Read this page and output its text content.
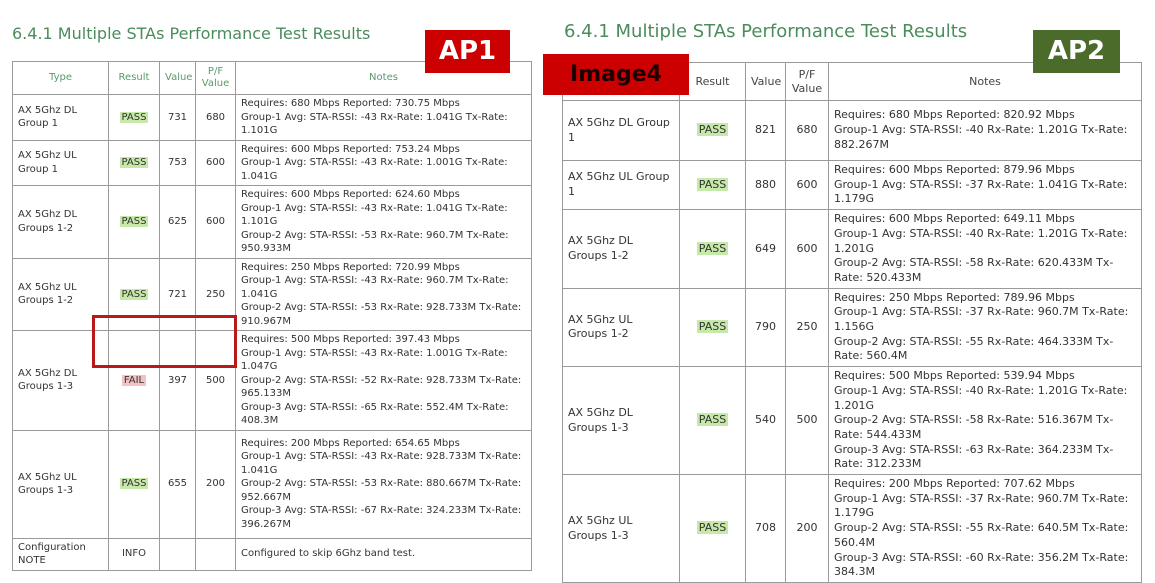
6.4.1 Multiple STAs Performance Test Results
Type	Result	Value	P/F Value	Notes
AX 5Ghz DL Group 1	PASS	731	680	Requires: 680 Mbps Reported: 730.75 Mbps
Group-1 Avg: STA-RSSI: -43 Rx-Rate: 1.041G Tx-Rate: 1.101G

AX 5Ghz UL Group 1	PASS	753	600	Requires: 600 Mbps Reported: 753.24 Mbps
Group-1 Avg: STA-RSSI: -43 Rx-Rate: 1.001G Tx-Rate: 1.041G

AX 5Ghz DL Groups 1-2	PASS	625	600	Requires: 600 Mbps Reported: 624.60 Mbps
Group-1 Avg: STA-RSSI: -43 Rx-Rate: 1.041G Tx-Rate: 1.101G
Group-2 Avg: STA-RSSI: -53 Rx-Rate: 960.7M Tx-Rate: 950.933M

AX 5Ghz UL Groups 1-2	PASS	721	250	Requires: 250 Mbps Reported: 720.99 Mbps
Group-1 Avg: STA-RSSI: -43 Rx-Rate: 960.7M Tx-Rate: 1.041G
Group-2 Avg: STA-RSSI: -53 Rx-Rate: 928.733M Tx-Rate: 910.967M

AX 5Ghz DL Groups 1-3	FAIL	397	500	Requires: 500 Mbps Reported: 397.43 Mbps
Group-1 Avg: STA-RSSI: -43 Rx-Rate: 1.001G Tx-Rate: 1.047G
Group-2 Avg: STA-RSSI: -52 Rx-Rate: 928.733M Tx-Rate: 965.133M
Group-3 Avg: STA-RSSI: -65 Rx-Rate: 552.4M Tx-Rate: 408.3M

AX 5Ghz UL Groups 1-3	PASS	655	200	Requires: 200 Mbps Reported: 654.65 Mbps
Group-1 Avg: STA-RSSI: -43 Rx-Rate: 928.733M Tx-Rate: 1.041G
Group-2 Avg: STA-RSSI: -53 Rx-Rate: 880.667M Tx-Rate: 952.667M
Group-3 Avg: STA-RSSI: -67 Rx-Rate: 324.233M Tx-Rate: 396.267M

Configuration NOTE	INFO			Configured to skip 6Ghz band test.
AP1
6.4.1 Multiple STAs Performance Test Results
	Result	Value	P/F Value	Notes
AX 5Ghz DL Group 1	PASS	821	680	Requires: 680 Mbps Reported: 820.92 Mbps
Group-1 Avg: STA-RSSI: -40 Rx-Rate: 1.201G Tx-Rate: 882.267M

AX 5Ghz UL Group 1	PASS	880	600	Requires: 600 Mbps Reported: 879.96 Mbps
Group-1 Avg: STA-RSSI: -37 Rx-Rate: 1.041G Tx-Rate: 1.179G

AX 5Ghz DL Groups 1-2	PASS	649	600	Requires: 600 Mbps Reported: 649.11 Mbps
Group-1 Avg: STA-RSSI: -40 Rx-Rate: 1.201G Tx-Rate: 1.201G
Group-2 Avg: STA-RSSI: -58 Rx-Rate: 620.433M Tx-Rate: 520.433M

AX 5Ghz UL Groups 1-2	PASS	790	250	Requires: 250 Mbps Reported: 789.96 Mbps
Group-1 Avg: STA-RSSI: -37 Rx-Rate: 960.7M Tx-Rate: 1.156G
Group-2 Avg: STA-RSSI: -55 Rx-Rate: 464.333M Tx-Rate: 560.4M

AX 5Ghz DL Groups 1-3	PASS	540	500	Requires: 500 Mbps Reported: 539.94 Mbps
Group-1 Avg: STA-RSSI: -40 Rx-Rate: 1.201G Tx-Rate: 1.201G
Group-2 Avg: STA-RSSI: -58 Rx-Rate: 516.367M Tx-Rate: 544.433M
Group-3 Avg: STA-RSSI: -63 Rx-Rate: 364.233M Tx-Rate: 312.233M

AX 5Ghz UL Groups 1-3	PASS	708	200	Requires: 200 Mbps Reported: 707.62 Mbps
Group-1 Avg: STA-RSSI: -37 Rx-Rate: 960.7M Tx-Rate: 1.179G
Group-2 Avg: STA-RSSI: -55 Rx-Rate: 640.5M Tx-Rate: 560.4M
Group-3 Avg: STA-RSSI: -60 Rx-Rate: 356.2M Tx-Rate: 384.3M
AP2
Image4
